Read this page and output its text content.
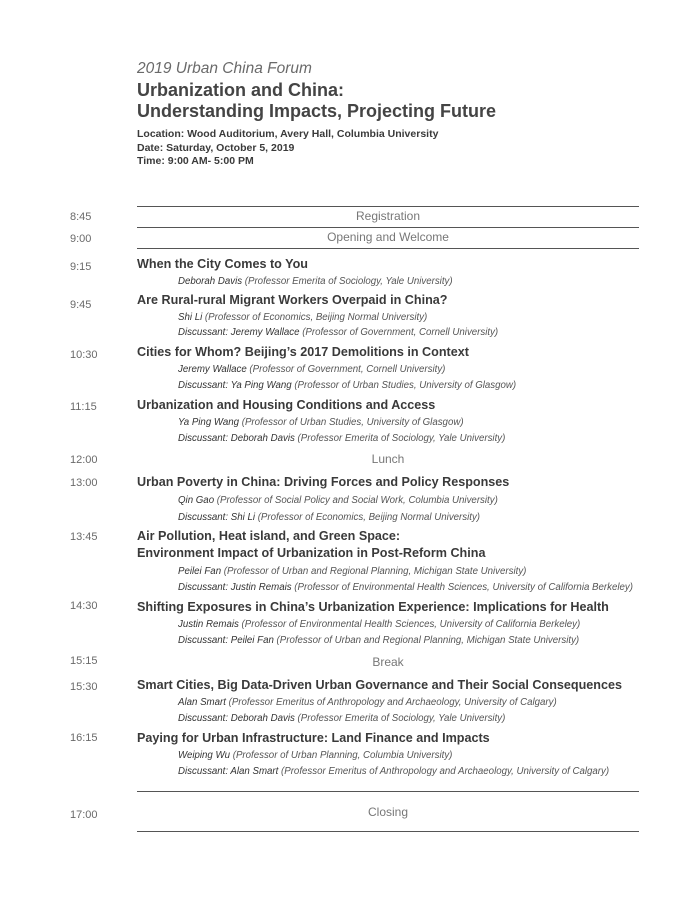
2019 Urban China Forum
Urbanization and China:
Understanding Impacts, Projecting Future
Location: Wood Auditorium, Avery Hall, Columbia University
Date: Saturday, October 5, 2019
Time: 9:00 AM- 5:00 PM
8:45	Registration
9:00	Opening and Welcome
9:15	When the City Comes to You
Deborah Davis (Professor Emerita of Sociology, Yale University)
9:45	Are Rural-rural Migrant Workers Overpaid in China?
Shi Li (Professor of Economics, Beijing Normal University)
Discussant: Jeremy Wallace (Professor of Government, Cornell University)
10:30	Cities for Whom? Beijing’s 2017 Demolitions in Context
Jeremy Wallace (Professor of Government, Cornell University)
Discussant: Ya Ping Wang (Professor of Urban Studies, University of Glasgow)
11:15	Urbanization and Housing Conditions and Access
Ya Ping Wang (Professor of Urban Studies, University of Glasgow)
Discussant: Deborah Davis (Professor Emerita of Sociology, Yale University)
12:00	Lunch
13:00	Urban Poverty in China: Driving Forces and Policy Responses
Qin Gao (Professor of Social Policy and Social Work, Columbia University)
Discussant: Shi Li (Professor of Economics, Beijing Normal University)
13:45	Air Pollution, Heat island, and Green Space:
Environment Impact of Urbanization in Post-Reform China
Peilei Fan (Professor of Urban and Regional Planning, Michigan State University)
Discussant: Justin Remais (Professor of Environmental Health Sciences, University of California Berkeley)
14:30	Shifting Exposures in China’s Urbanization Experience: Implications for Health
Justin Remais (Professor of Environmental Health Sciences, University of California Berkeley)
Discussant: Peilei Fan (Professor of Urban and Regional Planning, Michigan State University)
15:15	Break
15:30	Smart Cities, Big Data-Driven Urban Governance and Their Social Consequences
Alan Smart (Professor Emeritus of Anthropology and Archaeology, University of Calgary)
Discussant: Deborah Davis (Professor Emerita of Sociology, Yale University)
16:15	Paying for Urban Infrastructure: Land Finance and Impacts
Weiping Wu (Professor of Urban Planning, Columbia University)
Discussant: Alan Smart (Professor Emeritus of Anthropology and Archaeology, University of Calgary)
17:00	Closing
